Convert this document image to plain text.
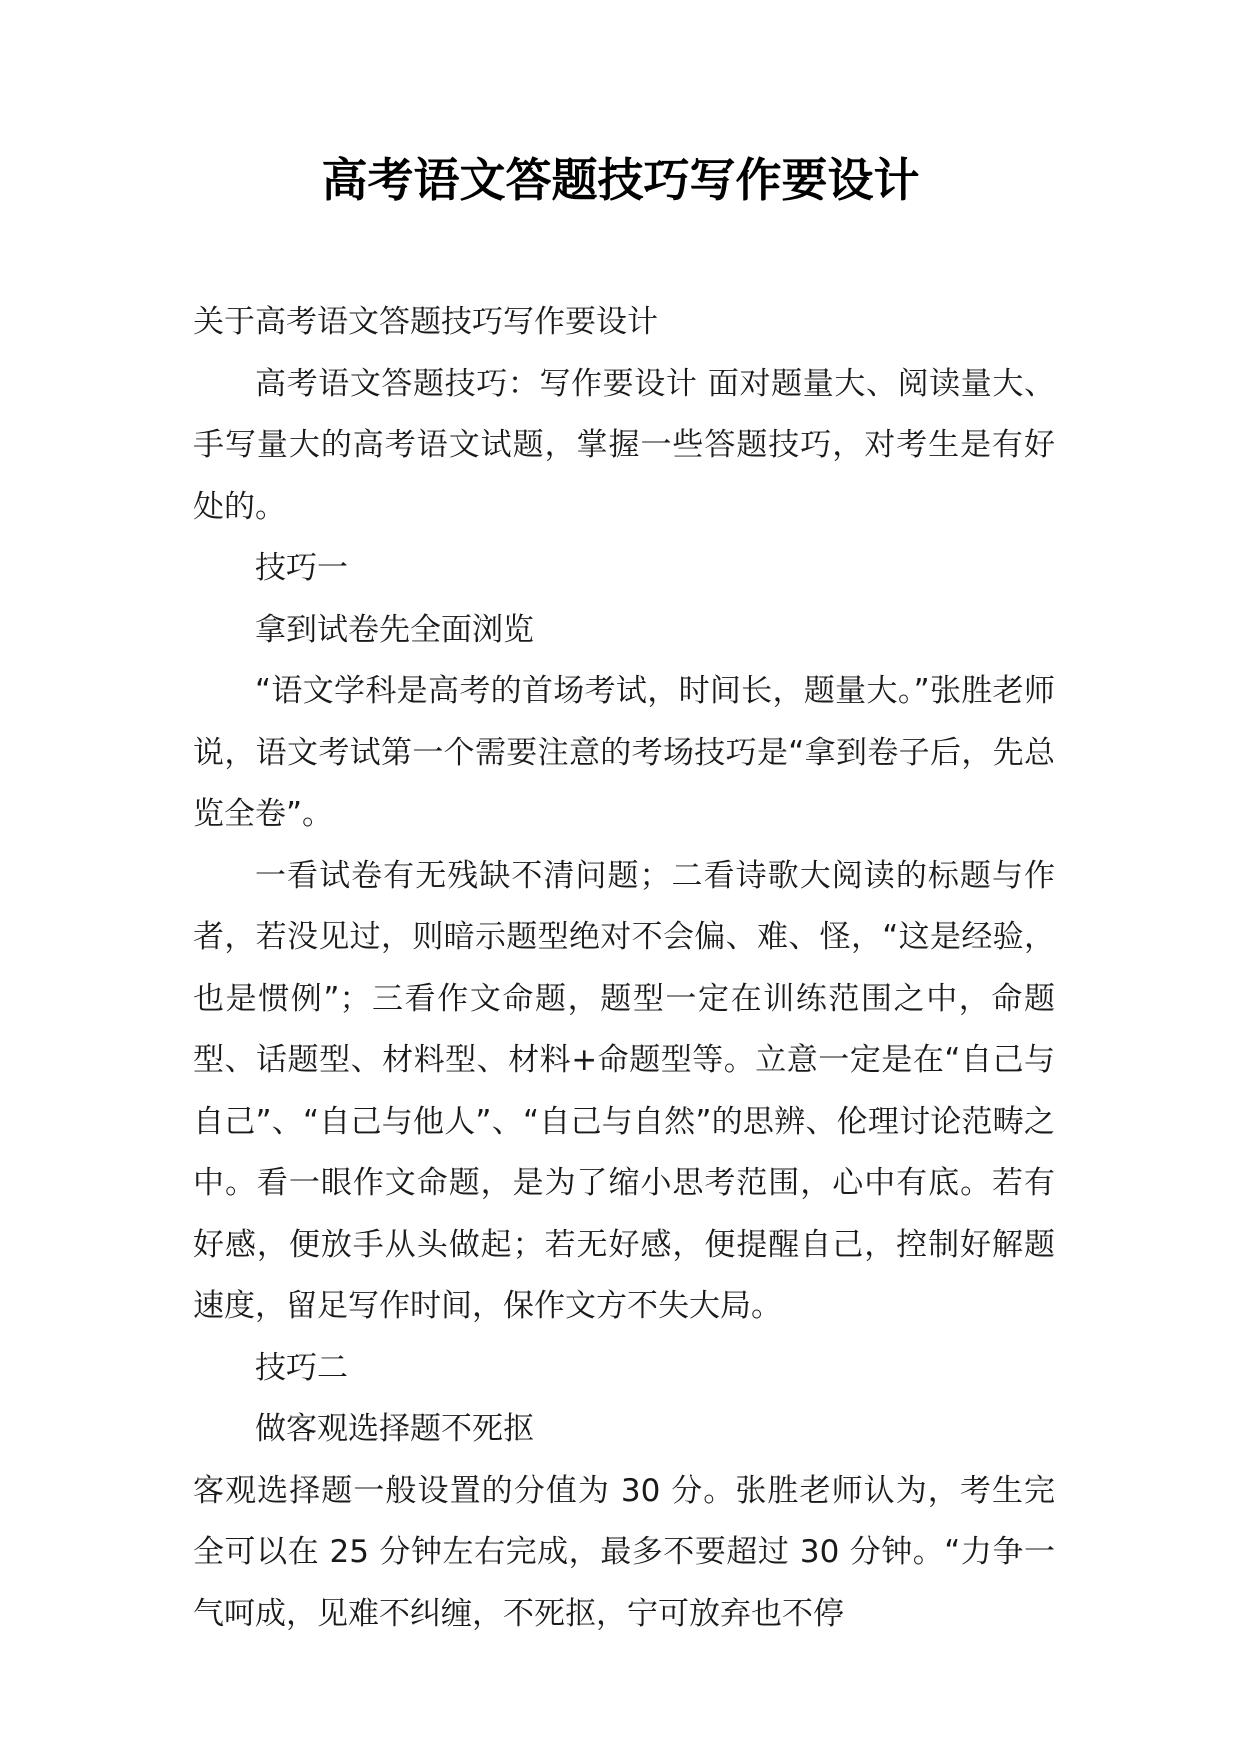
高考语文答题技巧写作要设计

关于高考语文答题技巧写作要设计

高考语文答题技巧：写作要设计 面对题量大、阅读量大、手写量大的高考语文试题，掌握一些答题技巧，对考生是有好处的。

技巧一

拿到试卷先全面浏览

“语文学科是高考的首场考试，时间长，题量大。”张胜老师说，语文考试第一个需要注意的考场技巧是“拿到卷子后，先总览全卷”。

一看试卷有无残缺不清问题；二看诗歌大阅读的标题与作者，若没见过，则暗示题型绝对不会偏、难、怪，“这是经验，也是惯例”；三看作文命题，题型一定在训练范围之中，命题型、话题型、材料型、材料+命题型等。立意一定是在“自己与自己”、“自己与他人”、“自己与自然”的思辨、伦理讨论范畴之中。看一眼作文命题，是为了缩小思考范围，心中有底。若有好感，便放手从头做起；若无好感，便提醒自己，控制好解题速度，留足写作时间，保作文方不失大局。

技巧二

做客观选择题不死抠

客观选择题一般设置的分值为 30 分。张胜老师认为，考生完全可以在 25 分钟左右完成，最多不要超过 30 分钟。“力争一气呵成，见难不纠缠，不死抠，宁可放弃也不停
